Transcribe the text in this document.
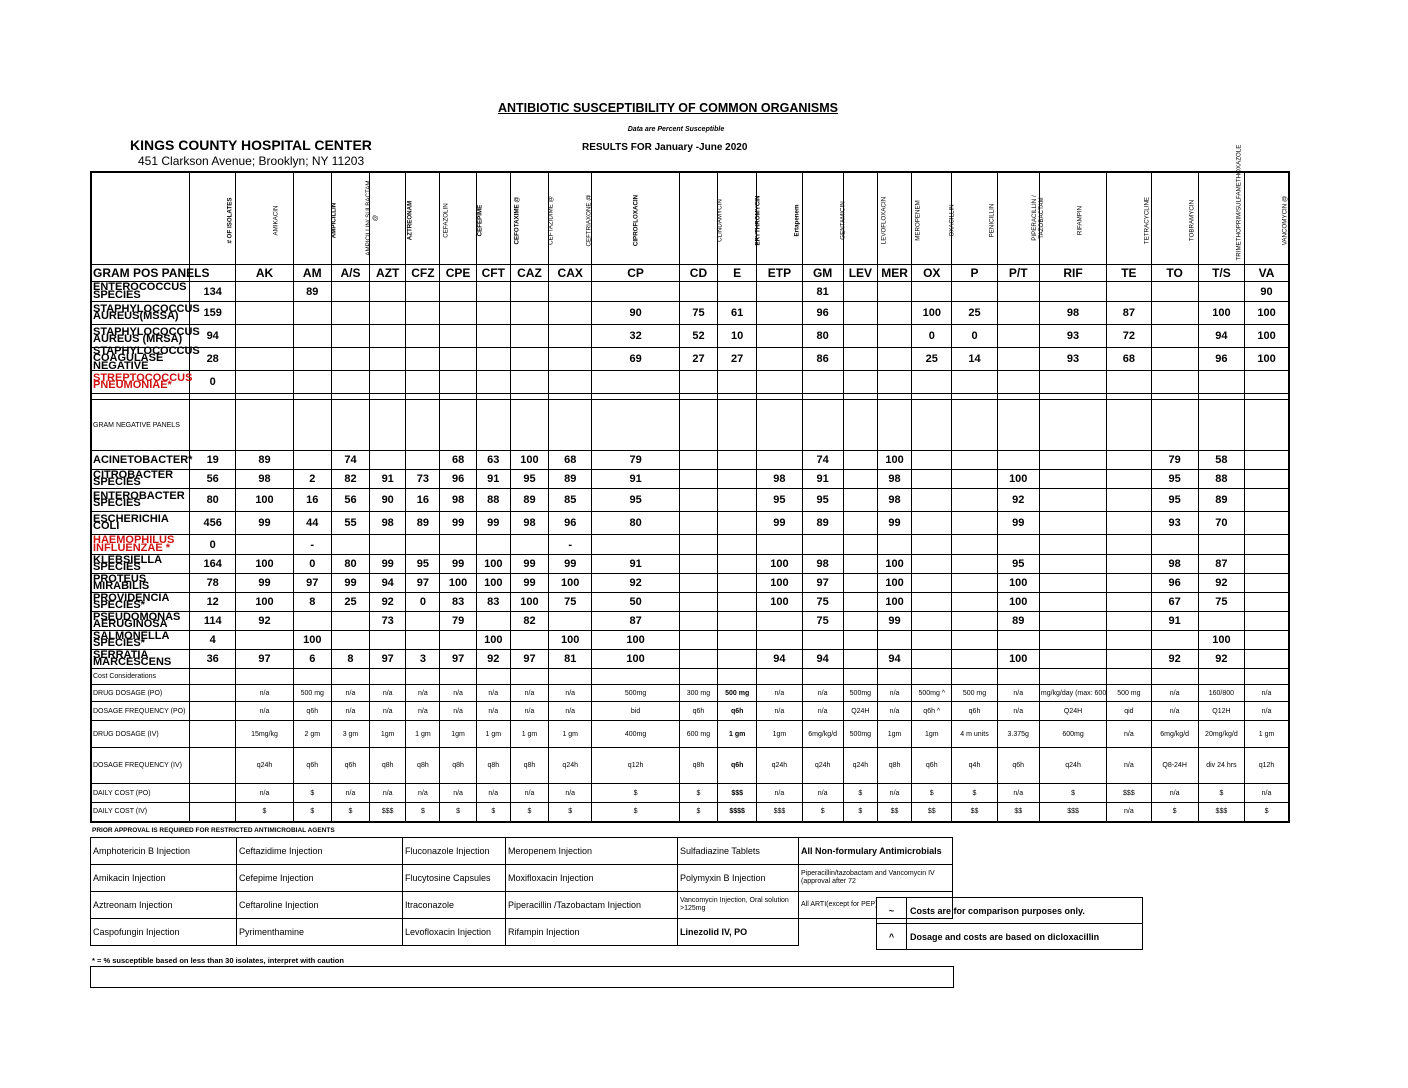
ANTIBIOTIC SUSCEPTIBILITY OF COMMON ORGANISMS
Data are Percent Susceptible
KINGS COUNTY HOSPITAL CENTER
451 Clarkson Avenue; Brooklyn; NY 11203
RESULTS FOR January -June 2020
	# OF ISOLATES	AMIKACIN	AMPICILLIN	AMPICILLIN/ SULBACTAM @	AZTREONAM	CEFAZOLIN	CEFEPIME	CEFOTAXIME @	CEFTAZIDIME @	CEFTRIAXONE @	CIPROFLOXACIN	CLINDAMYCIN	ERYTHROMYCIN	Ertapenem	GENTAMICIN	LEVOFLOXACIN	MEROPENEM	OXACILLIN	PENICILLIN	PIPERACILLIN / TAZOBACTAM	RIFAMPIN	TETRACYCLINE	TOBRAMYCIN	TRIMETHOPRIM/SULFAMETHOXAZOLE	VANCOMYCIN @
GRAM POS PANELS		AK	AM	A/S	AZT	CFZ	CPE	CFT	CAZ	CAX	CP	CD	E	ETP	GM	LEV	MER	OX	P	P/T	RIF	TE	TO	T/S	VA
ENTEROCOCCUS SPECIES	134		89												81										90
STAPHYLOCOCCUS AUREUS(MSSA)	159										90	75	61		96			100	25		98	87		100	100
STAPHYLOCOCCUS AUREUS (MRSA)	94										32	52	10		80			0	0		93	72		94	100
STAPHYLOCOCCUS COAGULASE NEGATIVE	28										69	27	27		86			25	14		93	68		96	100
STREPTOCOCCUS PNEUMONIAE*	0																								

GRAM NEGATIVE PANELS																									
ACINETOBACTER*	19	89		74			68	63	100	68	79				74		100						79	58	
CITROBACTER SPECIES	56	98	2	82	91	73	96	91	95	89	91			98	91		98			100			95	88	
ENTEROBACTER SPECIES	80	100	16	56	90	16	98	88	89	85	95			95	95		98			92			95	89	
ESCHERICHIA COLI	456	99	44	55	98	89	99	99	98	96	80			99	89		99			99			93	70	
HAEMOPHILUS INFLUENZAE *	0		-							-															
KLEBSIELLA SPECIES	164	100	0	80	99	95	99	100	99	99	91			100	98		100			95			98	87	
PROTEUS MIRABILIS	78	99	97	99	94	97	100	100	99	100	92			100	97		100			100			96	92	
PROVIDENCIA SPECIES*	12	100	8	25	92	0	83	83	100	75	50			100	75		100			100			67	75	
PSEUDOMONAS AERUGINOSA	114	92			73		79		82		87				75		99			89			91		
SALMONELLA SPECIES*	4		100					100		100	100													100	
SERRATIA MARCESCENS	36	97	6	8	97	3	97	92	97	81	100			94	94		94			100			92	92	
Cost Considerations																									
DRUG DOSAGE (PO)		n/a	500 mg	n/a	n/a	n/a	n/a	n/a	n/a	n/a	500mg	300 mg	500 mg	n/a	n/a	500mg	n/a	500mg ^	500 mg	n/a	mg/kg/day (max: 600	500 mg	n/a	160/800	n/a
DOSAGE FREQUENCY (PO)		n/a	q6h	n/a	n/a	n/a	n/a	n/a	n/a	n/a	bid	q6h	q6h	n/a	n/a	Q24H	n/a	q6h ^	q6h	n/a	Q24H	qid	n/a	Q12H	n/a
DRUG DOSAGE (IV)		15mg/kg	2 gm	3 gm	1gm	1 gm	1gm	1 gm	1 gm	1 gm	400mg	600 mg	1 gm	1gm	6mg/kg/d	500mg	1gm	1gm	4 m units	3.375g	600mg	n/a	6mg/kg/d	20mg/kg/d	1 gm
DOSAGE FREQUENCY (IV)		q24h	q6h	q6h	q8h	q8h	q8h	q8h	q8h	q24h	q12h	q8h	q6h	q24h	q24h	q24h	q8h	q6h	q4h	q6h	q24h	n/a	Q8-24H	div 24 hrs	q12h
DAILY COST (PO)		n/a	$	n/a	n/a	n/a	n/a	n/a	n/a	n/a	$	$	$$$	n/a	n/a	$	n/a	$	$	n/a	$	$$$	n/a	$	n/a
DAILY COST (IV)		$	$	$	$$$	$	$	$	$	$	$	$	$$$$	$$$	$	$	$$	$$	$$	$$	$$$	n/a	$	$$$	$
PRIOR APPROVAL IS REQUIRED FOR RESTRICTED ANTIMICROBIAL AGENTS
Amphotericin B Injection	Ceftazidime Injection	Fluconazole Injection	Meropenem Injection	Sulfadiazine Tablets	All Non-formulary Antimicrobials
Amikacin Injection	Cefepime Injection	Flucytosine Capsules	Moxifloxacin Injection	Polymyxin B Injection	Piperacillin/tazobactam and Vancomycin IV (approval after 72
Aztreonam Injection	Ceftaroline Injection	Itraconazole	Piperacillin /Tazobactam Injection	Vancomycin Injection, Oral solution >125mg	All ARTI(except for PEP)
Caspofungin Injection	Pyrimenthamine	Levofloxacin Injection	Rifampin Injection	Linezolid IV, PO	
~	Costs are for comparison purposes only.
^	Dosage and costs are based on dicloxacillin
* = % susceptible based on less than 30 isolates, interpret with caution
